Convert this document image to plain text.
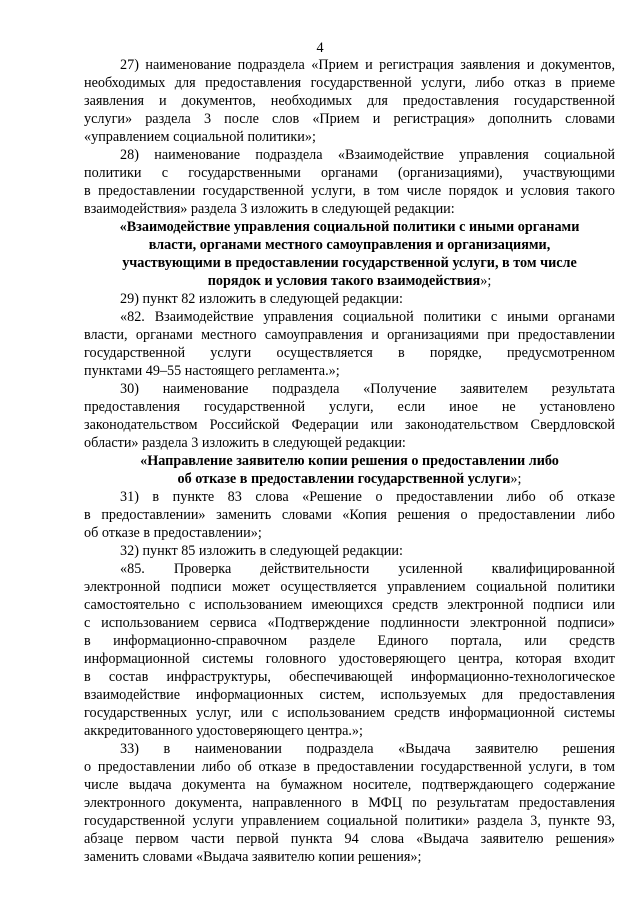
4
27) наименование подраздела «Прием и регистрация заявления и документов,
необходимых для предоставления государственной услуги, либо отказ в приеме
заявления и документов, необходимых для предоставления государственной
услуги» раздела 3 после слов «Прием и регистрация» дополнить словами
«управлением социальной политики»;
28) наименование подраздела «Взаимодействие управления социальной
политики с государственными органами (организациями), участвующими
в предоставлении государственной услуги, в том числе порядок и условия такого
взаимодействия» раздела 3 изложить в следующей редакции:
«Взаимодействие управления социальной политики с иными органами
власти, органами местного самоуправления и организациями,
участвующими в предоставлении государственной услуги, в том числе
порядок и условия такого взаимодействия»;
29) пункт 82 изложить в следующей редакции:
«82. Взаимодействие управления социальной политики с иными органами
власти, органами местного самоуправления и организациями при предоставлении
государственной услуги осуществляется в порядке, предусмотренном
пунктами 49–55 настоящего регламента.»;
30) наименование подраздела «Получение заявителем результата
предоставления государственной услуги, если иное не установлено
законодательством Российской Федерации или законодательством Свердловской
области» раздела 3 изложить в следующей редакции:
«Направление заявителю копии решения о предоставлении либо
об отказе в предоставлении государственной услуги»;
31) в пункте 83 слова «Решение о предоставлении либо об отказе
в предоставлении» заменить словами «Копия решения о предоставлении либо
об отказе в предоставлении»;
32) пункт 85 изложить в следующей редакции:
«85. Проверка действительности усиленной квалифицированной
электронной подписи может осуществляется управлением социальной политики
самостоятельно с использованием имеющихся средств электронной подписи или
с использованием сервиса «Подтверждение подлинности электронной подписи»
в информационно-справочном разделе Единого портала, или средств
информационной системы головного удостоверяющего центра, которая входит
в состав инфраструктуры, обеспечивающей информационно-технологическое
взаимодействие информационных систем, используемых для предоставления
государственных услуг, или с использованием средств информационной системы
аккредитованного удостоверяющего центра.»;
33) в наименовании подраздела «Выдача заявителю решения
о предоставлении либо об отказе в предоставлении государственной услуги, в том
числе выдача документа на бумажном носителе, подтверждающего содержание
электронного документа, направленного в МФЦ по результатам предоставления
государственной услуги управлением социальной политики» раздела 3, пункте 93,
абзаце первом части первой пункта 94 слова «Выдача заявителю решения»
заменить словами «Выдача заявителю копии решения»;
